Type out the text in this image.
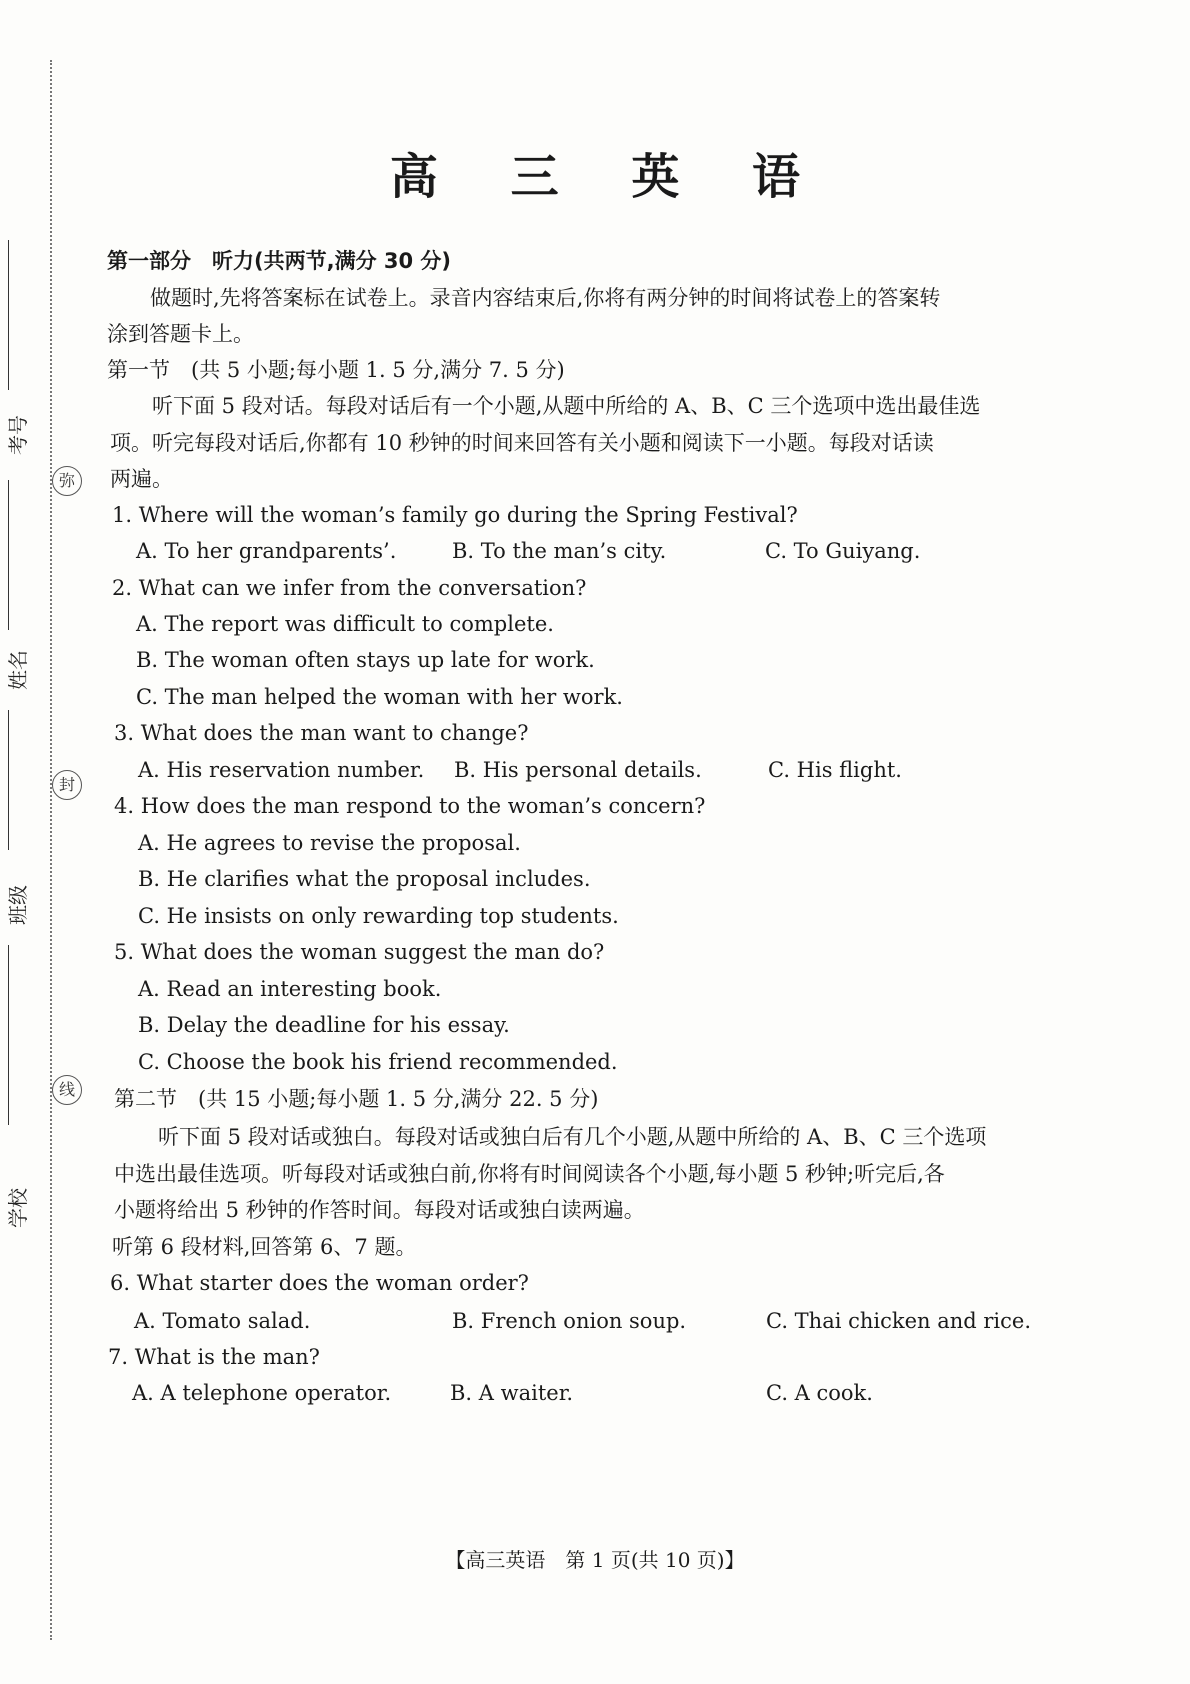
弥
封
线
考号
姓名
班级
学校
高 三 英 语
第一部分　听力(共两节,满分 30 分)
做题时,先将答案标在试卷上。录音内容结束后,你将有两分钟的时间将试卷上的答案转
涂到答题卡上。
第一节　(共 5 小题;每小题 1. 5 分,满分 7. 5 分)
听下面 5 段对话。每段对话后有一个小题,从题中所给的 A、B、C 三个选项中选出最佳选
项。听完每段对话后,你都有 10 秒钟的时间来回答有关小题和阅读下一小题。每段对话读
两遍。
1. Where will the woman’s family go during the Spring Festival?
A. To her grandparents’.	B. To the man’s city.	C. To Guiyang.
2. What can we infer from the conversation?
A. The report was difficult to complete.
B. The woman often stays up late for work.
C. The man helped the woman with her work.
3. What does the man want to change?
A. His reservation number. B. His personal details.	C. His flight.
4. How does the man respond to the woman’s concern?
A. He agrees to revise the proposal.
B. He clarifies what the proposal includes.
C. He insists on only rewarding top students.
5. What does the woman suggest the man do?
A. Read an interesting book.
B. Delay the deadline for his essay.
C. Choose the book his friend recommended.
第二节　(共 15 小题;每小题 1. 5 分,满分 22. 5 分)
听下面 5 段对话或独白。每段对话或独白后有几个小题,从题中所给的 A、B、C 三个选项
中选出最佳选项。听每段对话或独白前,你将有时间阅读各个小题,每小题 5 秒钟;听完后,各
小题将给出 5 秒钟的作答时间。每段对话或独白读两遍。
听第 6 段材料,回答第 6、7 题。
6. What starter does the woman order?
A. Tomato salad.	B. French onion soup.	C. Thai chicken and rice.
7. What is the man?
A. A telephone operator.	B. A waiter.	C. A cook.
【高三英语　第 1 页(共 10 页)】
